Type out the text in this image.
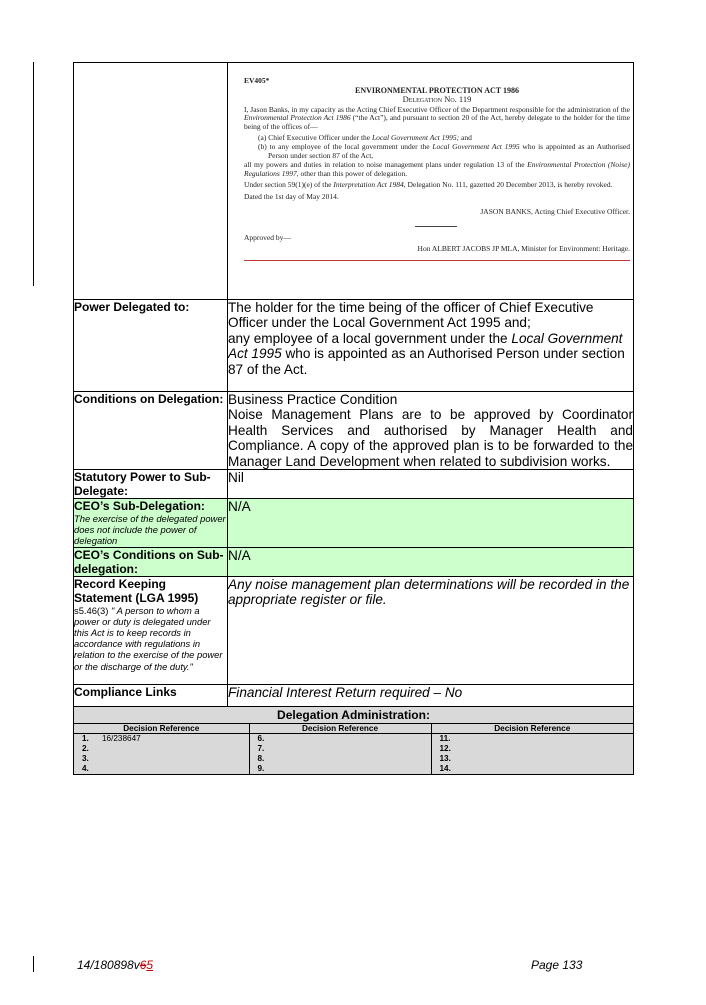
EV405*
ENVIRONMENTAL PROTECTION ACT 1986
Delegation No. 119

I, Jason Banks, in my capacity as the Acting Chief Executive Officer of the Department responsible for the administration of the Environmental Protection Act 1986 (“the Act”), and pursuant to section 20 of the Act, hereby delegate to the holder for the time being of the offices of—

(a) Chief Executive Officer under the Local Government Act 1995; and

(b) to any employee of the local government under the Local Government Act 1995 who is appointed as an Authorised Person under section 87 of the Act,

all my powers and duties in relation to noise management plans under regulation 13 of the Environmental Protection (Noise) Regulations 1997, other than this power of delegation.

Under section 59(1)(e) of the Interpretation Act 1984, Delegation No. 111, gazetted 20 December 2013, is hereby revoked.

Dated the 1st day of May 2014.

JASON BANKS, Acting Chief Executive Officer.

Approved by—

Hon ALBERT JACOBS JP MLA, Minister for Environment: Heritage.

Power Delegated to:	The holder for the time being of the officer of Chief Executive Officer under the Local Government Act 1995 and;
any employee of a local government under the Local Government Act 1995 who is appointed as an Authorised Person under section 87 of the Act.

Conditions on Delegation:	Business Practice Condition
Noise Management Plans are to be approved by Coordinator Health Services and authorised by Manager Health and Compliance. A copy of the approved plan is to be forwarded to the Manager Land Development when related to subdivision works.

Statutory Power to Sub-Delegate:	Nil
CEO’s Sub-Delegation:
The exercise of the delegated power does not include the power of delegation
	N/A
CEO’s Conditions on Sub-delegation:	N/A
Record Keeping Statement (LGA 1995)
s5.46(3) " A person to whom a power or duty is delegated under this Act is to keep records in accordance with regulations in relation to the exercise of the power or the discharge of the duty."
	Any noise management plan determinations will be recorded in the appropriate register or file.
Compliance Links	Financial Interest Return required – No

Delegation Administration:
Decision Reference	Decision Reference	Decision Reference
1. 16/238647	6.	11.
2.	7.	12.
3.	8.	13.
4.	9.	14.
14/180898v65	Page 133
